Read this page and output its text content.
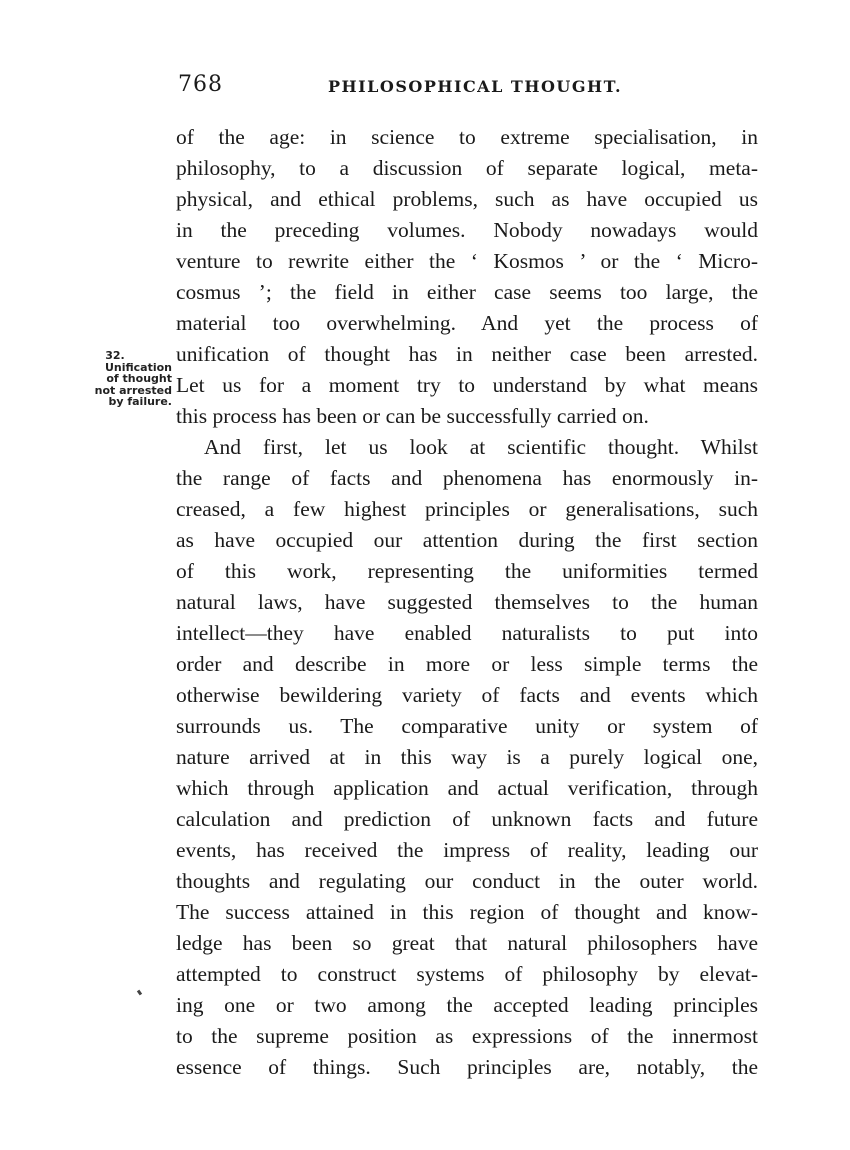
768	PHILOSOPHICAL THOUGHT.
32.
Unification
of thought
not arrested
by failure.
of the age: in science to extreme specialisation, in
philosophy, to a discussion of separate logical, meta-
physical, and ethical problems, such as have occupied us
in the preceding volumes. Nobody nowadays would
venture to rewrite either the ‘ Kosmos ’ or the ‘ Micro-
cosmus ’; the field in either case seems too large, the
material too overwhelming. And yet the process of
unification of thought has in neither case been arrested.
Let us for a moment try to understand by what means
this process has been or can be successfully carried on.
And first, let us look at scientific thought. Whilst
the range of facts and phenomena has enormously in-
creased, a few highest principles or generalisations, such
as have occupied our attention during the first section
of this work, representing the uniformities termed
natural laws, have suggested themselves to the human
intellect—they have enabled naturalists to put into
order and describe in more or less simple terms the
otherwise bewildering variety of facts and events which
surrounds us. The comparative unity or system of
nature arrived at in this way is a purely logical one,
which through application and actual verification, through
calculation and prediction of unknown facts and future
events, has received the impress of reality, leading our
thoughts and regulating our conduct in the outer world.
The success attained in this region of thought and know-
ledge has been so great that natural philosophers have
attempted to construct systems of philosophy by elevat-
ing one or two among the accepted leading principles
to the supreme position as expressions of the innermost
essence of things. Such principles are, notably, the
